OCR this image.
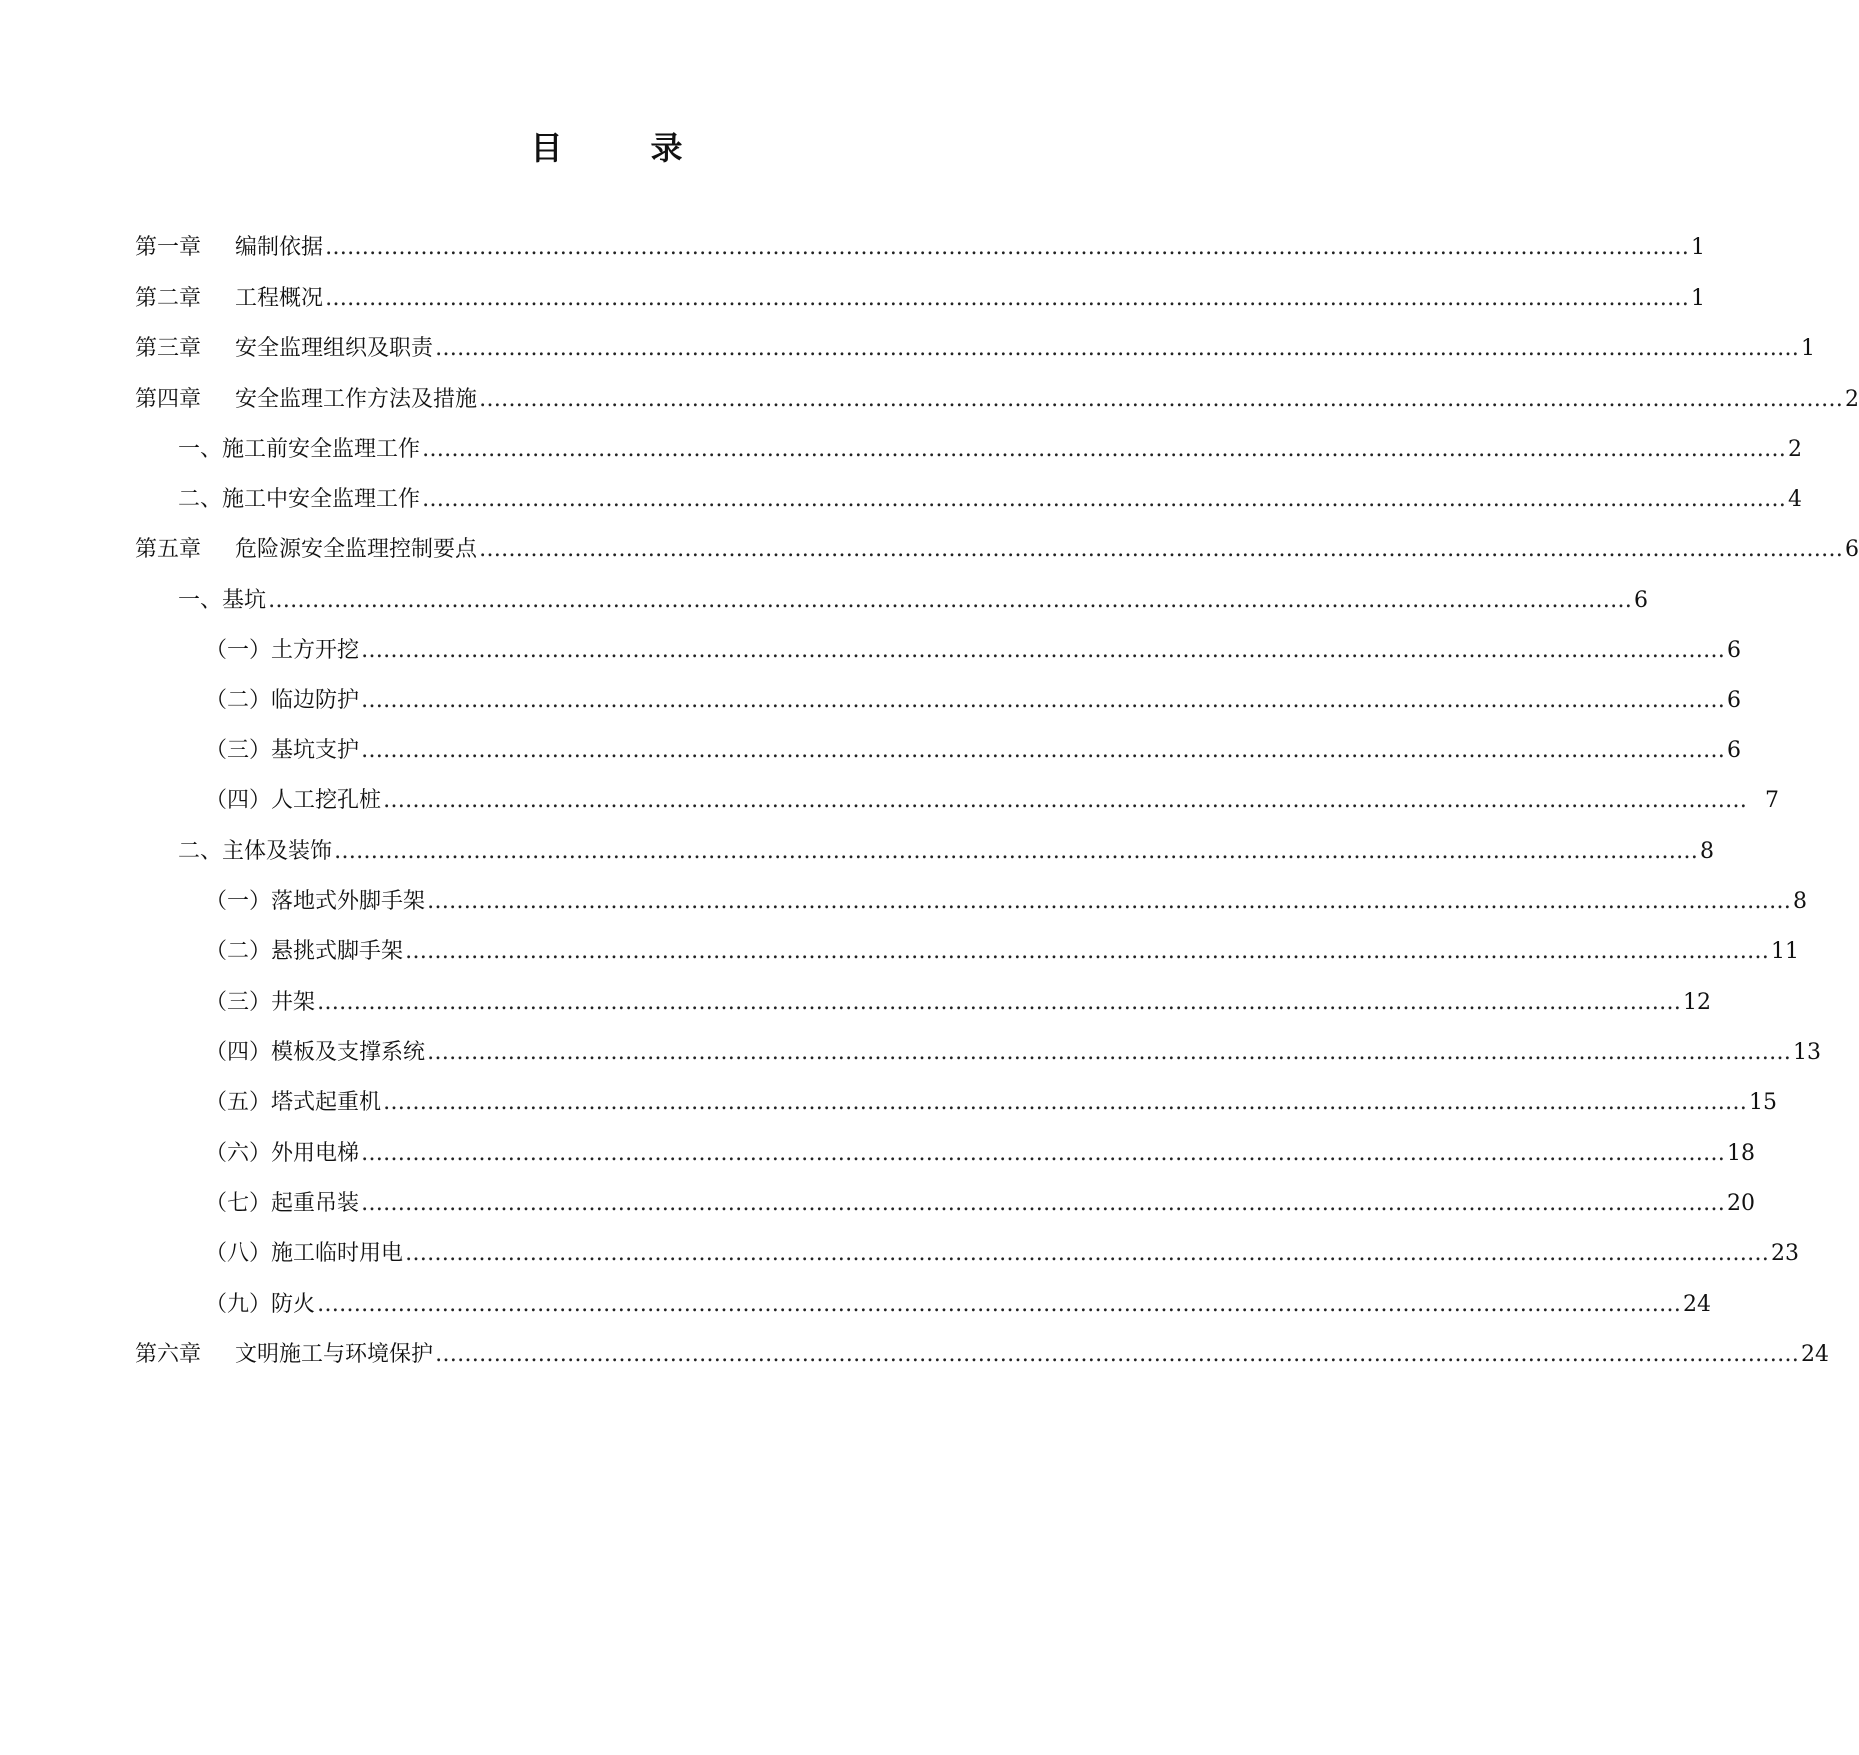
目　录
第一章 编制依据 …………………………………………………………………………………………………………………………………………………………………… 1
第二章 工程概况 …………………………………………………………………………………………………………………………………………………………………… 1
第三章 安全监理组织及职责 …………………………………………………………………………………………………………………………………………………………………… 1
第四章 安全监理工作方法及措施 …………………………………………………………………………………………………………………………………………………………………… 2
一、施工前安全监理工作 …………………………………………………………………………………………………………………………………………………………………… 2
二、施工中安全监理工作 …………………………………………………………………………………………………………………………………………………………………… 4
第五章 危险源安全监理控制要点 …………………………………………………………………………………………………………………………………………………………………… 6
一、基坑 …………………………………………………………………………………………………………………………………………………………………… 6
（一）土方开挖 …………………………………………………………………………………………………………………………………………………………………… 6
（二）临边防护 …………………………………………………………………………………………………………………………………………………………………… 6
（三）基坑支护 …………………………………………………………………………………………………………………………………………………………………… 6
（四）人工挖孔桩 …………………………………………………………………………………………………………………………………………………………………… 7
二、主体及装饰 …………………………………………………………………………………………………………………………………………………………………… 8
（一）落地式外脚手架 …………………………………………………………………………………………………………………………………………………………………… 8
（二）悬挑式脚手架 …………………………………………………………………………………………………………………………………………………………………… 11
（三）井架 …………………………………………………………………………………………………………………………………………………………………… 12
（四）模板及支撑系统 …………………………………………………………………………………………………………………………………………………………………… 13
（五）塔式起重机 …………………………………………………………………………………………………………………………………………………………………… 15
（六）外用电梯 …………………………………………………………………………………………………………………………………………………………………… 18
（七）起重吊装 …………………………………………………………………………………………………………………………………………………………………… 20
（八）施工临时用电 …………………………………………………………………………………………………………………………………………………………………… 23
（九）防火 …………………………………………………………………………………………………………………………………………………………………… 24
第六章 文明施工与环境保护 …………………………………………………………………………………………………………………………………………………………………… 24
